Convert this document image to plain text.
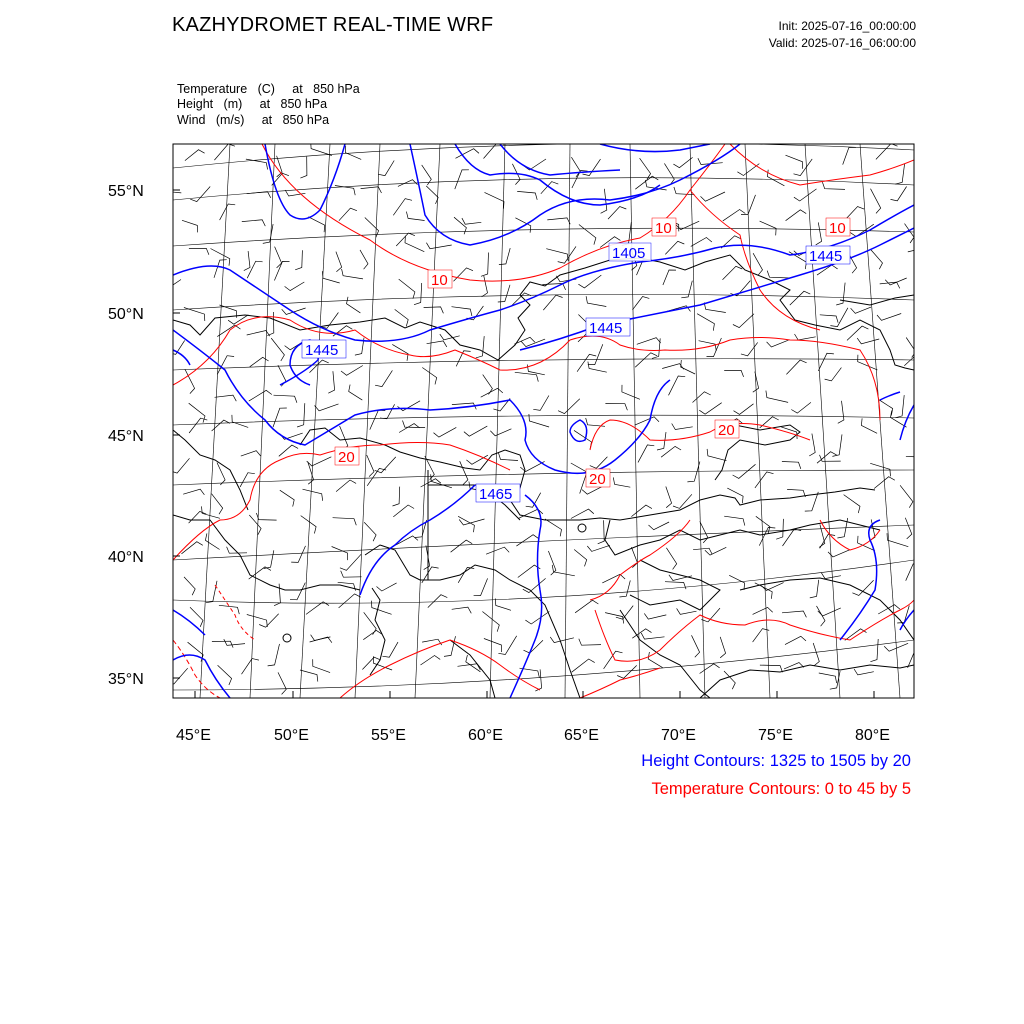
KAZHYDROMET REAL-TIME WRF	Init: 2025-07-16_00:00:00
Valid: 2025-07-16_06:00:00
Temperature   (C)     at   850 hPa
Height   (m)     at   850 hPa
Wind   (m/s)     at   850 hPa
1405	1445
1445
1445
1465
10
10	10
20
20
20
55°N
50°N
45°N
40°N
35°N
45°E	50°E	55°E	60°E	65°E	70°E	75°E	80°E
Height Contours: 1325 to 1505 by 20
Temperature Contours: 0 to 45 by 5
